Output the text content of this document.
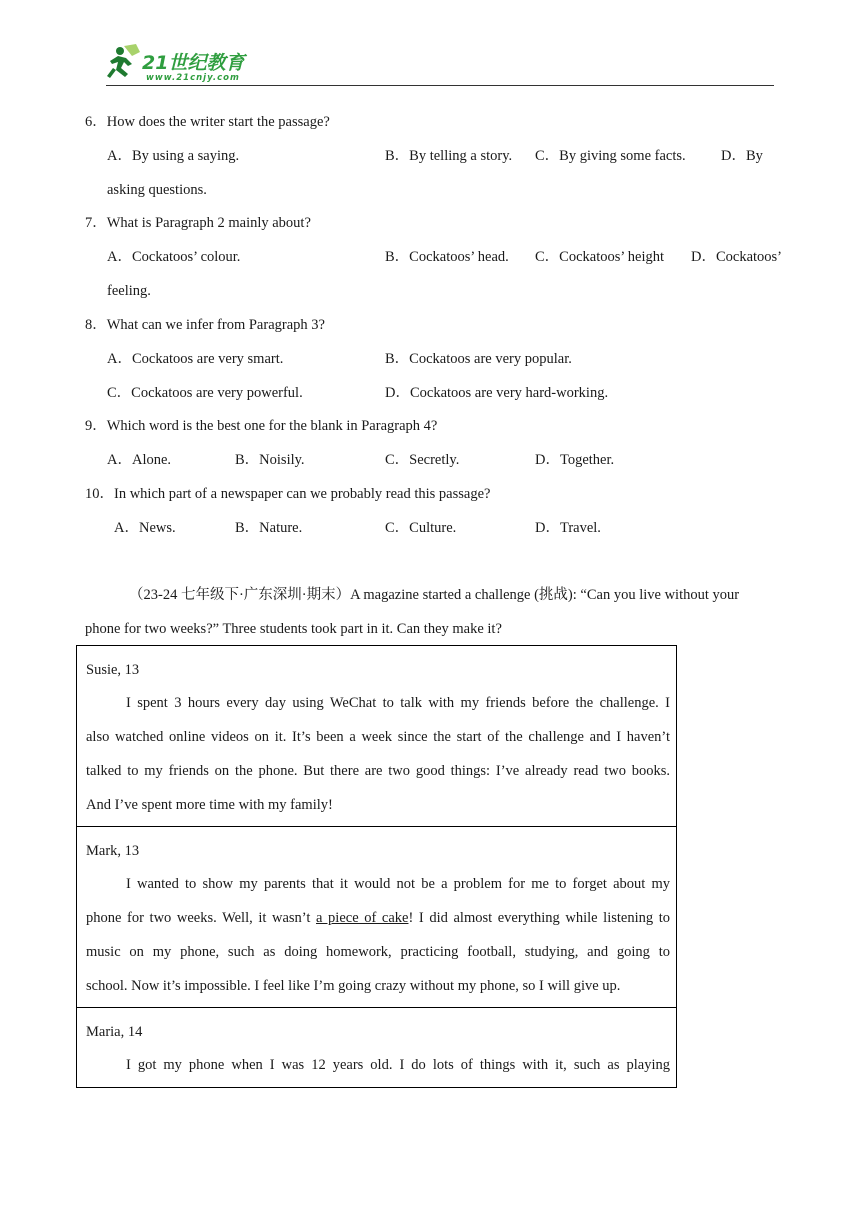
21世纪教育
www.21cnjy.com
6．How does the writer start the passage?
A．By using a saying.	B．By telling a story. C．By giving some facts. D．By
asking questions.
7．What is Paragraph 2 mainly about?
A．Cockatoos’ colour.	B．Cockatoos’ head. C．Cockatoos’ height D．Cockatoos’
feeling.
8．What can we infer from Paragraph 3?
A．Cockatoos are very smart.	B．Cockatoos are very popular.
C．Cockatoos are very powerful.	D．Cockatoos are very hard-working.
9．Which word is the best one for the blank in Paragraph 4?
A．Alone.	B．Noisily.	C．Secretly.	D．Together.
10．In which part of a newspaper can we probably read this passage?
A．News.	B．Nature.	C．Culture.	D．Travel.
（23-24 七年级下·广东深圳·期末）A magazine started a challenge (挑战): “Can you live without your
phone for two weeks?” Three students took part in it. Can they make it?
Susie, 13
I spent 3 hours every day using WeChat to talk with my friends before the challenge. I
also watched online videos on it. It’s been a week since the start of the challenge and I haven’t
talked to my friends on the phone. But there are two good things: I’ve already read two books.
And I’ve spent more time with my family!
Mark, 13
I wanted to show my parents that it would not be a problem for me to forget about my
phone for two weeks. Well, it wasn’t a piece of cake! I did almost everything while listening to
music on my phone, such as doing homework, practicing football, studying, and going to
school. Now it’s impossible. I feel like I’m going crazy without my phone, so I will give up.
Maria, 14
I got my phone when I was 12 years old. I do lots of things with it, such as playing
